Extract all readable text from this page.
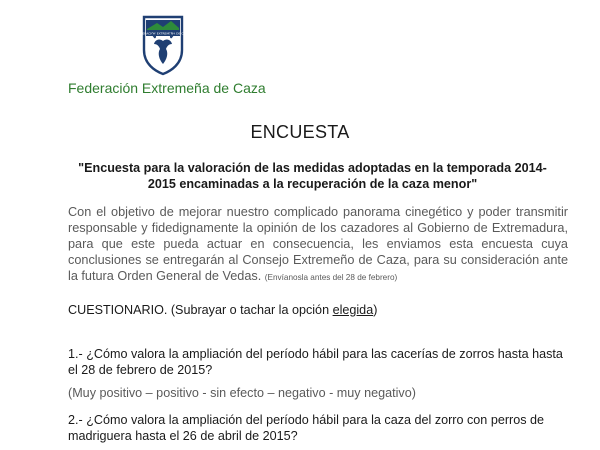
FEDERACIÓN EXTREMEÑA DE CAZA
Federación Extremeña de Caza
ENCUESTA
"Encuesta para la valoración de las medidas adoptadas en la temporada 2014-2015 encaminadas a la recuperación de la caza menor"
Con el objetivo de mejorar nuestro complicado panorama cinegético y poder transmitir responsable y fidedignamente la opinión de los cazadores al Gobierno de Extremadura, para que este pueda actuar en consecuencia, les enviamos esta encuesta cuya conclusiones se entregarán al Consejo Extremeño de Caza, para su consideración ante la futura Orden General de Vedas. (Envíanosla antes del 28 de febrero)
CUESTIONARIO. (Subrayar o tachar la opción elegida)
1.- ¿Cómo valora la ampliación del período hábil para las cacerías de zorros hasta hasta el 28 de febrero de 2015?
(Muy positivo – positivo - sin efecto – negativo - muy negativo)
2.- ¿Cómo valora la ampliación del período hábil para la caza del zorro con perros de madriguera hasta el 26 de abril de 2015?
